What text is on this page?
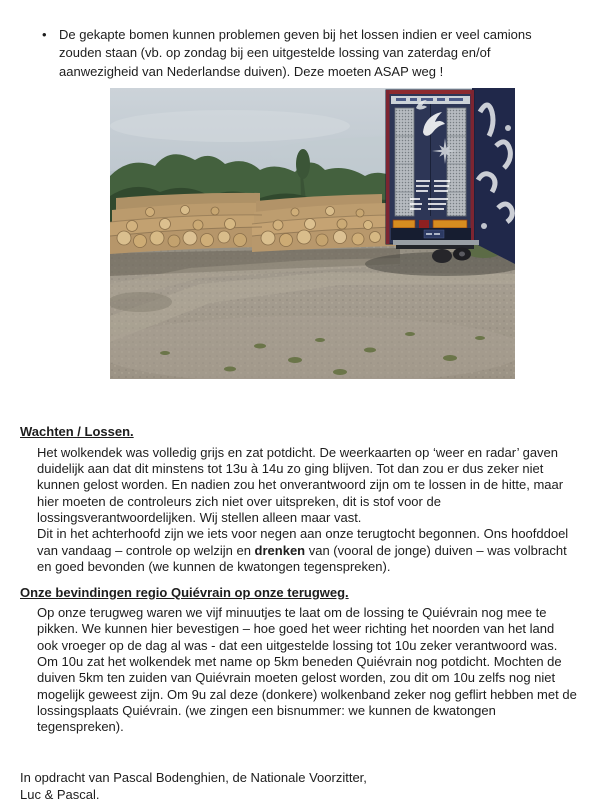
• De gekapte bomen kunnen problemen geven bij het lossen indien er veel camions zouden staan (vb. op zondag bij een uitgestelde lossing van zaterdag en/of aanwezigheid van Nederlandse duiven). Deze moeten ASAP weg !
Wachten / Lossen.

Het wolkendek was volledig grijs en zat potdicht. De weerkaarten op ‘weer en radar’ gaven duidelijk aan dat dit minstens tot 13u à 14u zo ging blijven. Tot dan zou er dus zeker niet kunnen gelost worden. En nadien zou het onverantwoord zijn om te lossen in de hitte, maar hier moeten de controleurs zich niet over uitspreken, dit is stof voor de lossingsverantwoordelijken. Wij stellen alleen maar vast.

Dit in het achterhoofd zijn we iets voor negen aan onze terugtocht begonnen. Ons hoofddoel van vandaag – controle op welzijn en drenken van (vooral de jonge) duiven – was volbracht en goed bevonden (we kunnen de kwatongen tegenspreken).

Onze bevindingen regio Quiévrain op onze terugweg.

Op onze terugweg waren we vijf minuutjes te laat om de lossing te Quiévrain nog mee te pikken. We kunnen hier bevestigen – hoe goed het weer richting het noorden van het land ook vroeger op de dag al was - dat een uitgestelde lossing tot 10u zeker verantwoord was. Om 10u zat het wolkendek met name op 5km beneden Quiévrain nog potdicht. Mochten de duiven 5km ten zuiden van Quiévrain moeten gelost worden, zou dit om 10u zelfs nog niet mogelijk geweest zijn. Om 9u zal deze (donkere) wolkenband zeker nog geflirt hebben met de lossingsplaats Quiévrain. (we zingen een bisnummer: we kunnen de kwatongen tegenspreken).

In opdracht van Pascal Bodenghien, de Nationale Voorzitter,
Luc & Pascal.
